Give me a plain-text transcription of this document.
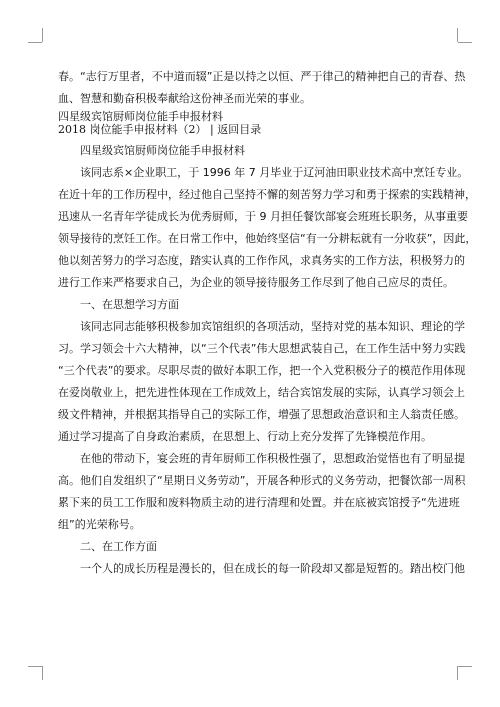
春。“志行万里者，不中道而辍”正是以持之以恒、严于律己的精神把自己的青春、热
血、智慧和勤奋积极奉献给这份神圣而光荣的事业。
四星级宾馆厨师岗位能手申报材料
2018 岗位能手申报材料（2） | 返回目录
四星级宾馆厨师岗位能手申报材料
该同志系×企业职工，于 1996 年 7 月毕业于辽河油田职业技术高中烹饪专业。
在近十年的工作历程中，经过他自己坚持不懈的刻苦努力学习和勇于探索的实践精神，
迅速从一名青年学徒成长为优秀厨师，于 9 月担任餐饮部宴会班班长职务，从事重要
领导接待的烹饪工作。在日常工作中，他始终坚信“有一分耕耘就有一分收获”，因此，
他以刻苦努力的学习态度，踏实认真的工作作风，求真务实的工作方法，积极努力的
进行工作来严格要求自己，为企业的领导接待服务工作尽到了他自己应尽的责任。
一、在思想学习方面
该同志同志能够积极参加宾馆组织的各项活动，坚持对党的基本知识、理论的学
习。学习领会十六大精神，以“三个代表”伟大思想武装自己，在工作生活中努力实践
“三个代表”的要求。尽职尽责的做好本职工作，把一个入党积极分子的模范作用体现
在爱岗敬业上，把先进性体现在工作成效上，结合宾馆发展的实际，认真学习领会上
级文件精神，并根据其指导自己的实际工作，增强了思想政治意识和主人翁责任感。
通过学习提高了自身政治素质，在思想上、行动上充分发挥了先锋模范作用。
在他的带动下，宴会班的青年厨师工作积极性强了，思想政治觉悟也有了明显提
高。他们自发组织了“星期日义务劳动”，开展各种形式的义务劳动，把餐饮部一周积
累下来的员工工作服和废料物质主动的进行清理和处置。并在底被宾馆授予“先进班
组”的光荣称号。
二、在工作方面
一个人的成长历程是漫长的，但在成长的每一阶段却又都是短暂的。踏出校门他
